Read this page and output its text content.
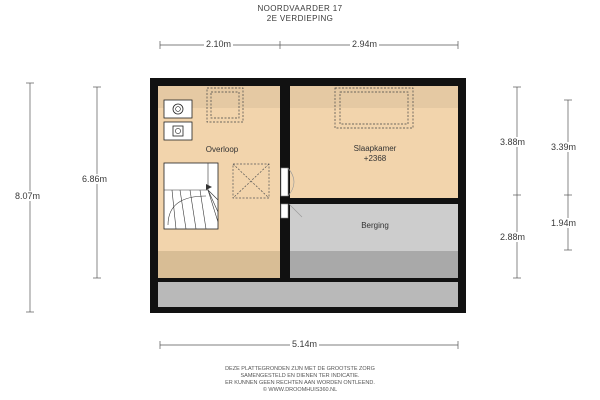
NOORDVAARDER 17
2E VERDIEPING
2.10m	2.94m
5.14m
8.07m
6.86m
3.88m
2.88m
3.39m
1.94m
Overloop	Slaapkamer
+2368
Berging
DEZE PLATTEGRONDEN ZIJN MET DE GROOTSTE ZORG
SAMENGESTELD EN DIENEN TER INDICATIE.
ER KUNNEN GEEN RECHTEN AAN WORDEN ONTLEEND.
© WWW.DROOMHUIS360.NL
